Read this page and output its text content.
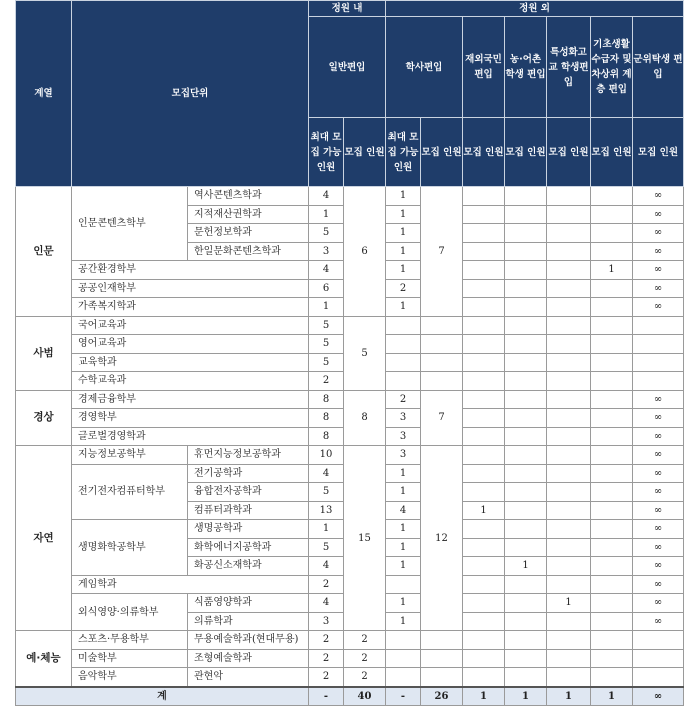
계열	모집단위		정원 내		정원 외						
			일반편입		학사편입		재외국민 편입	농·어촌 학생 편입	특성화고교 학생편입	기초생활 수급자 및 차상위 계층 편입	군위탁생 편입
			최대 모집 가능 인원	모집 인원	최대 모집 가능 인원	모집 인원	모집 인원	모집 인원	모집 인원	모집 인원	모집 인원
인문	인문콘텐츠학부	역사콘텐츠학과	4	6	1	7					∞
		지적재산권학과	1		1						∞
		문헌정보학과	5		1						∞
		한일문화콘텐츠학과	3		1						∞
	공간환경학부		4		1					1	∞
	공공인재학부		6		2						∞
	가족복지학과		1		1						∞
사범	국어교육과		5	5							
	영어교육과		5								
	교육학과		5								
	수학교육과		2								
경상	경제금융학부		8	8	2	7					∞
	경영학부		8		3						∞
	글로벌경영학과		8		3						∞
자연	지능정보공학부	휴먼지능정보공학과	10	15	3	12					∞
	전기전자컴퓨터학부	전기공학과	4		1						∞
		융합전자공학과	5		1						∞
		컴퓨터과학과	13		4		1				∞
	생명화학공학부	생명공학과	1		1						∞
		화학에너지공학과	5		1						∞
		화공신소재학과	4		1			1			∞
	게임학과		2								∞
	외식영양·의류학부	식품영양학과	4		1				1		∞
		의류학과	3		1						∞
예·체능	스포츠·무용학부	무용예술학과(현대무용)	2	2							
	미술학부	조형예술학과	2	2							
	음악학부	관현악	2	2							
계			-	40	-	26	1	1	1	1	∞
